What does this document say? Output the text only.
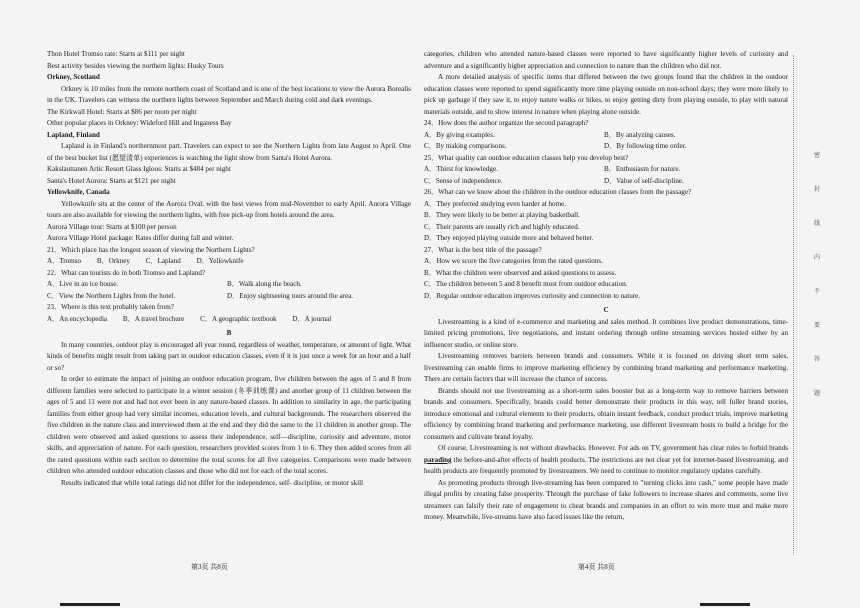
Thon Hotel Tromso rate: Starts at $111 per night
Best activity besides viewing the northern lights: Husky Tours
Orkney, Scotland
Orkney is 10 miles from the remote northern coast of Scotland and is one of the best locations to view the Aurora Borealis in the UK. Travelers can witness the northern lights between September and March during cold and dark evenings.
The Kirkwall Hotel: Starts at $86 per room per night
Other popular places in Orkney: Wideford Hill and Inganess Bay
Lapland, Finland
Lapland is in Finland's northernmost part. Travelers can expect to see the Northern Lights from late August to April. One of the best bucket list (愿望清单) experiences is watching the light show from Santa's Hotel Aurora.
Kakslauttanen Artic Resort Glass Igloos: Starts at $484 per night
Santa's Hotel Aurora: Starts at $121 per night
Yellowknife, Canada
Yellowknife sits at the center of the Aurora Oval, with the best views from mid-November to early April. Aurora Village tours are also available for viewing the northern lights, with free pick-up from hotels around the area.
Aurora Village tour: Starts at $100 per person
Aurora Village Hotel package: Rates differ during fall and winter.
21．Which place has the longest season of viewing the Northern Lights?
A．Tromso B．Orkney C．Lapland D．Yellowknife
22．What can tourists do in both Tromso and Lapland?
A．Live in an ice house.	B．Walk along the beach.
C．View the Northern Lights from the hotel.	D．Enjoy sightseeing tours around the area.
23．Where is this text probably taken from?
A．An encyclopedia B．A travel brochure C．A geographic textbook D．A journal
B
In many countries, outdoor play is encouraged all year round, regardless of weather, temperature, or amount of light. What kinds of benefits might result from taking part in outdoor education classes, even if it is just once a week for an hour and a half or so?
In order to estimate the impact of joining an outdoor education program, five children between the ages of 5 and 8 from different families were selected to participate in a winter session (冬季训练课) and another group of 11 children between the ages of 5 and 11 were not and had not ever been in any nature-based classes. In addition to similarity in age, the participating families from either group had very similar incomes, education levels, and cultural backgrounds. The researchers observed the five children in the nature class and interviewed them at the end and they did the same to the 11 children in another group. The children were observed and asked questions to assess their independence, self—discipline, curiosity and adventure, motor skills, and appreciation of nature. For each question, researchers provided scores from 1 to 6. They then added scores from all the rated questions within each section to determine the total scores for all five categories. Comparisons were made between children who attended outdoor education classes and those who did not for each of the total scores.
Results indicated that while total ratings did not differ for the independence, self- discipline, or motor skill
categories, children who attended nature-based classes were reported to have significantly higher levels of curiosity and adventure and a significantly higher appreciation and connection to nature than the children who did not.
A more detailed analysis of specific items that differed between the two groups found that the children in the outdoor education classes were reported to spend significantly more time playing outside on non-school days; they were more likely to pick up garbage if they saw it, to enjoy nature walks or hikes, to enjoy getting dirty from playing outside, to play with natural materials outside, and to show interest in nature when playing alone outside.
24．How does the author organize the second paragraph?
A．By giving examples.	B．By analyzing causes.
C．By making comparisons.	D．By following time order.
25．What quality can outdoor education classes help you develop best?
A．Thirst for knowledge.	B．Enthusiasm for nature.
C．Sense of independence.	D．Value of self-discipline.
26．What can we know about the children in the outdoor education classes from the passage?
A．They preferred studying even harder at home.
B．They were likely to be better at playing basketball.
C．Their parents are usually rich and highly educated.
D．They enjoyed playing outside more and behaved better.
27．What is the best title of the passage?
A．How we score the five categories from the rated questions.
B．What the children were observed and asked questions to assess.
C．The children between 5 and 8 benefit most from outdoor education.
D．Regular outdoor education improves curiosity and connection to nature.
C
Livestreaming is a kind of e-commerce and marketing and sales method. It combines live product demonstrations, time-limited pricing promotions, live negotiations, and instant ordering through online streaming services hosted either by an influencer studio, or online store.
Livestreaming removes barriers between brands and consumers. While it is focused on driving short term sales, livestreaming can enable firms to improve marketing efficiency by combining brand marketing and performance marketing. There are certain factors that will increase the chance of success.
Brands should not use livestreaming as a short-term sales booster but as a long-term way to remove barriers between brands and consumers. Specifically, brands could better demonstrate their products in this way, tell fuller brand stories, introduce emotional and cultural elements to their products, obtain instant feedback, conduct product trials, improve marketing efficiency by combining brand marketing and performance marketing, use different livestream hosts to build a bridge for the consumers and cultivate brand loyalty.
Of course, Livestreaming is not without drawbacks. However. For ads on TV, government has clear rules to forbid brands parading the before-and-after effects of health products. The restrictions are not clear yet for internet-based livestreaming, and health products are frequently promoted by livestreamers. We need to continue to monitor regulatory updates carefully.
As promoting products through live-streaming has been compared to "turning clicks into cash," some people have made illegal profits by creating false prosperity. Through the purchase of fake followers to increase shares and comments, some live streamers can falsify their rate of engagement to cheat brands and companies in an effort to win more trust and make more money. Meanwhile, live-streams have also faced issues like the return,
第3页 共8页	第4页 共8页
密
封
线
内
不
要
答
题
